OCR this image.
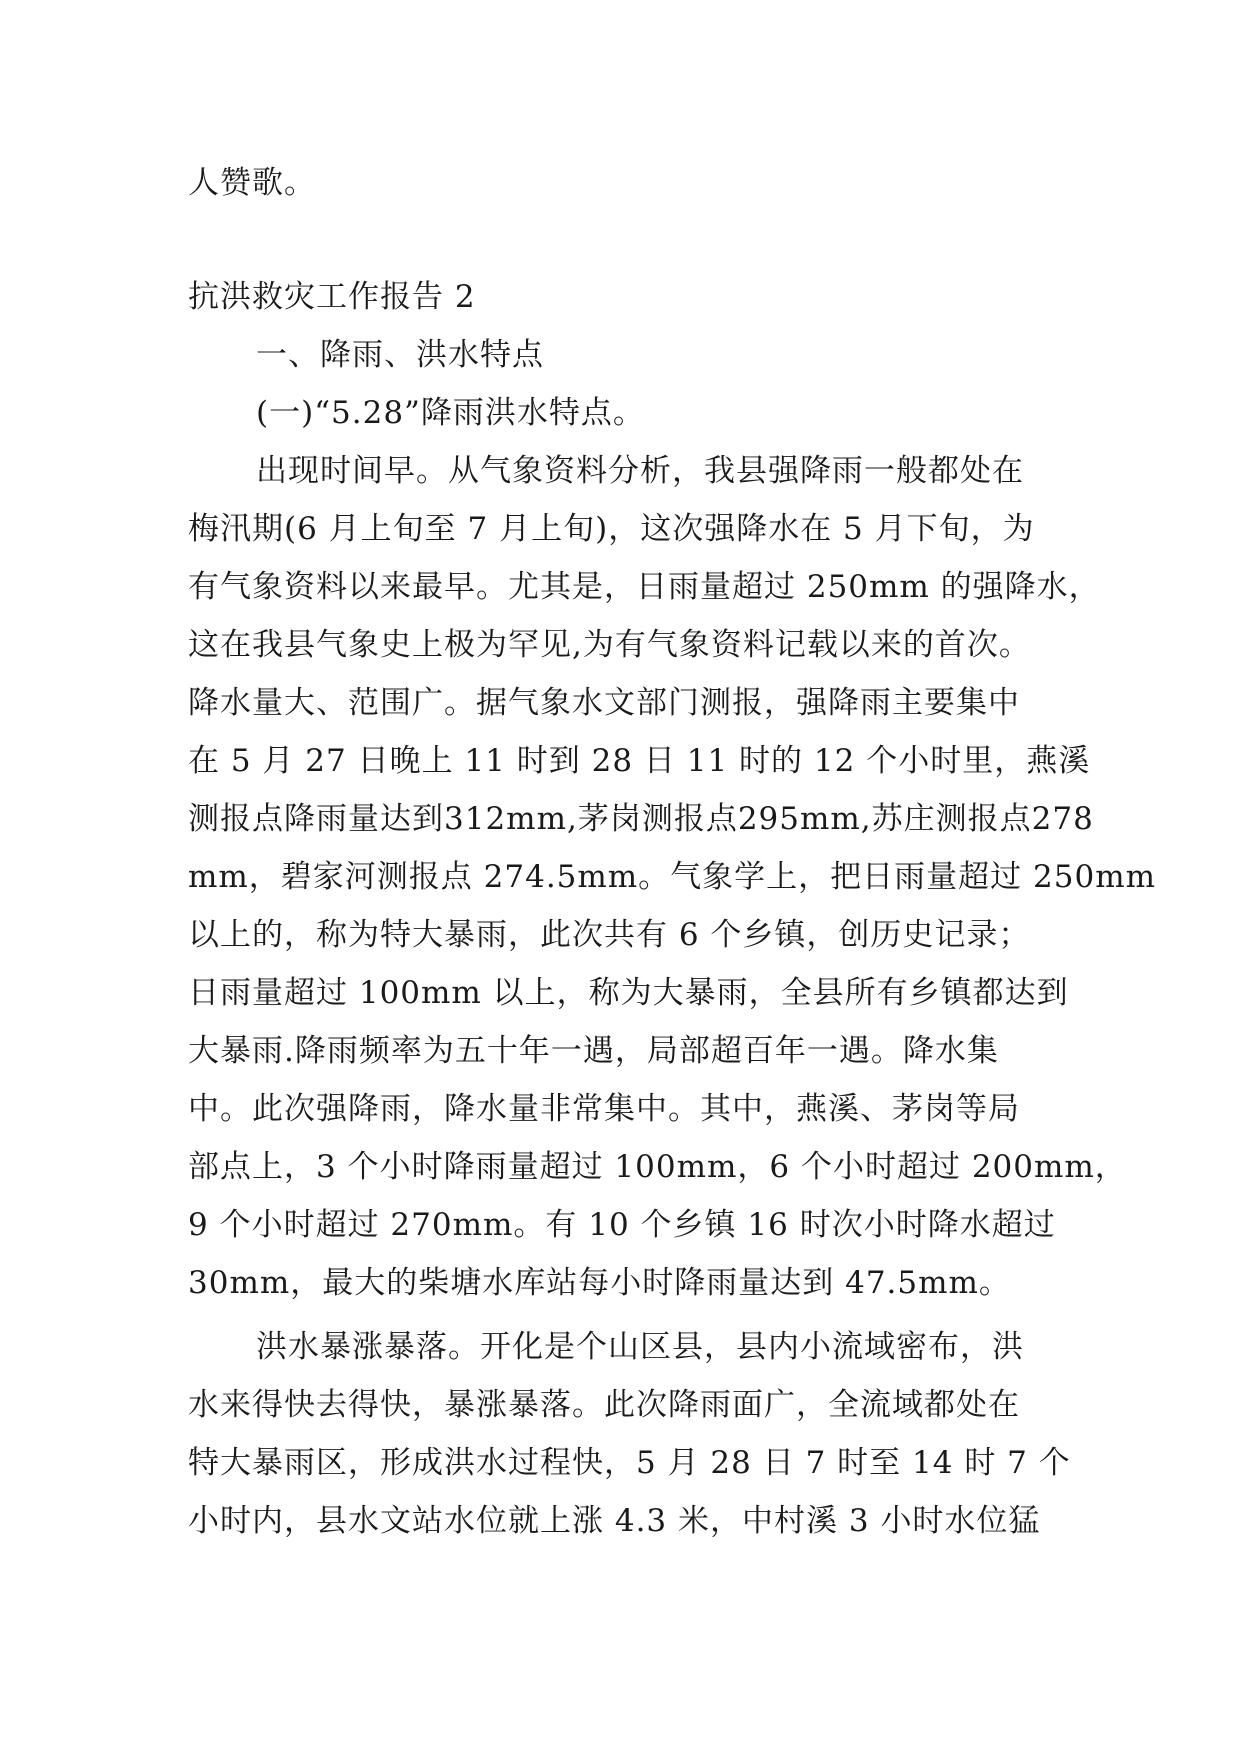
人赞歌。
抗洪救灾工作报告 2
一、降雨、洪水特点
(一)“5.28”降雨洪水特点。
出现时间早。从气象资料分析，我县强降雨一般都处在
梅汛期(6 月上旬至 7 月上旬)，这次强降水在 5 月下旬，为
有气象资料以来最早。尤其是，日雨量超过 250mm 的强降水，
这在我县气象史上极为罕见,为有气象资料记载以来的首次。
降水量大、范围广。据气象水文部门测报，强降雨主要集中
在 5 月 27 日晚上 11 时到 28 日 11 时的 12 个小时里，燕溪
测报点降雨量达到312mm,茅岗测报点295mm,苏庄测报点278
mm，碧家河测报点 274.5mm。气象学上，把日雨量超过 250mm
以上的，称为特大暴雨，此次共有 6 个乡镇，创历史记录；
日雨量超过 100mm 以上，称为大暴雨，全县所有乡镇都达到
大暴雨.降雨频率为五十年一遇，局部超百年一遇。降水集
中。此次强降雨，降水量非常集中。其中，燕溪、茅岗等局
部点上，3 个小时降雨量超过 100mm，6 个小时超过 200mm，
9 个小时超过 270mm。有 10 个乡镇 16 时次小时降水超过
30mm，最大的柴塘水库站每小时降雨量达到 47.5mm。
洪水暴涨暴落。开化是个山区县，县内小流域密布，洪
水来得快去得快，暴涨暴落。此次降雨面广，全流域都处在
特大暴雨区，形成洪水过程快，5 月 28 日 7 时至 14 时 7 个
小时内，县水文站水位就上涨 4.3 米，中村溪 3 小时水位猛
